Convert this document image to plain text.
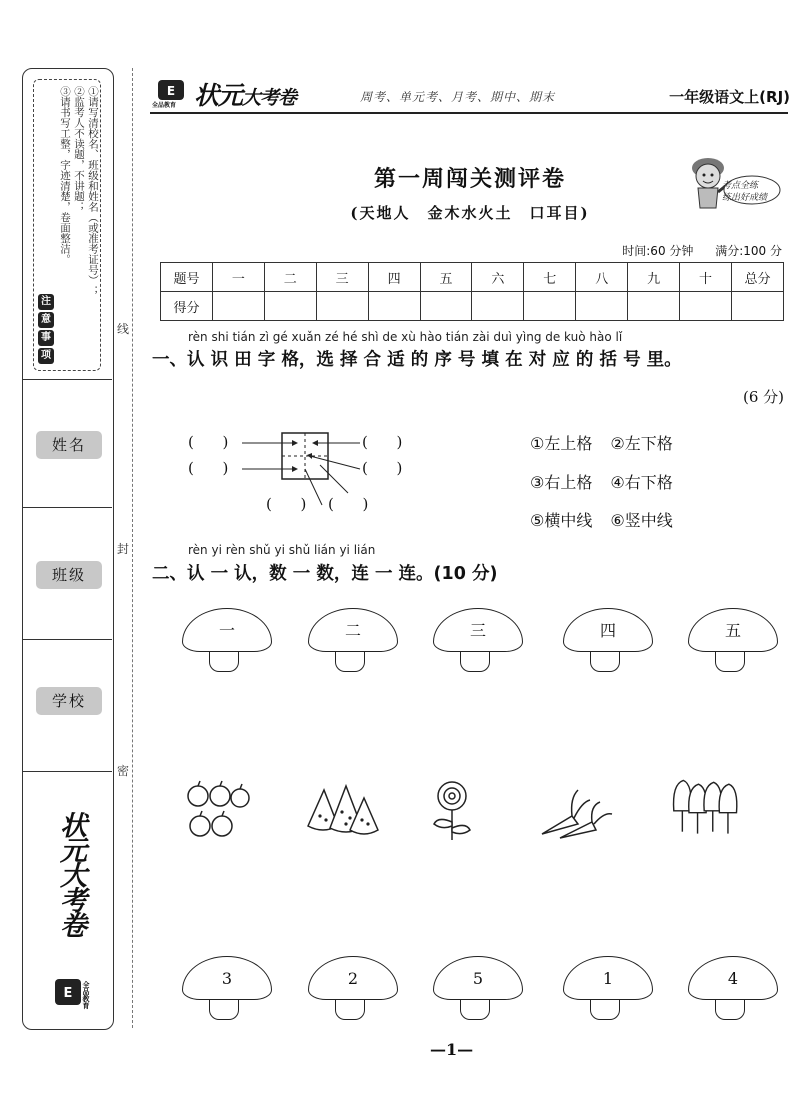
注
意
事
项
①请写清校名、班级和姓名（或准考证号）；
②监考人不读题，不讲题；
③请书写工整，字迹清楚，卷面整洁。
姓名
班级
学校
E
状元大考卷
全品教育
线
封
密
E
全品教育 状元大考卷	周考、单元考、月考、期中、期末	一年级语文上(RJ)
第一周闯关测评卷
(天地人　金木水火土　口耳目)
考点全练
练出好成绩
时间:60 分钟 满分:100 分
题号	一	二	三	四	五	六	七	八	九	十	总分
得分											
rèn shi tián zì gé xuǎn zé hé shì de xù hào tián zài duì yìng de kuò hào lǐ
一、认 识 田 字 格，选 择 合 适 的 序 号 填 在 对 应 的 括 号 里。
(6 分)
(      )
(      )
(      )
(      )
(      ) (      )
①左上格 ②左下格
③右上格 ④右下格
⑤横中线 ⑥竖中线
rèn yi rèn shǔ yi shǔ lián yi lián
二、认 一 认，数 一 数，连 一 连。(10 分)
一	二	三	四	五
3	2	5	1	4
—1—
